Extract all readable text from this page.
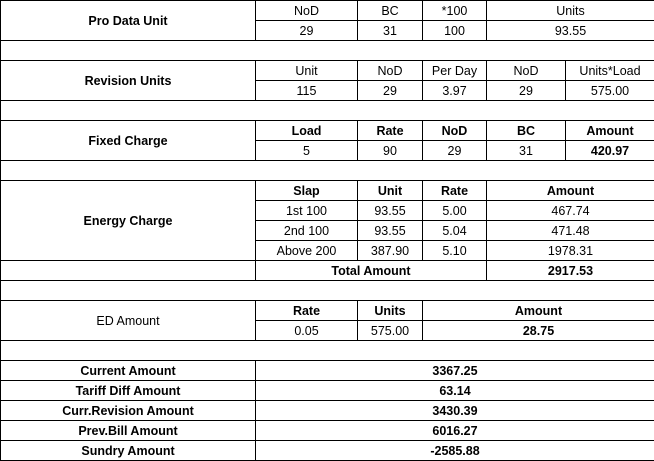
Pro Data Unit	NoD	BC	*100	Units	
	29	31	100	93.55	

Revision Units	Unit	NoD	Per Day	NoD	Units*Load
	115	29	3.97	29	575.00

Fixed Charge	Load	Rate	NoD	BC	Amount
	5	90	29	31	420.97

Energy Charge	Slap	Unit	Rate	Amount	
	1st 100	93.55	5.00	467.74	
	2nd 100	93.55	5.04	471.48	
	Above 200	387.90	5.10	1978.31	
	Total Amount			2917.53	

ED Amount	Rate	Units	Amount		
	0.05	575.00	28.75		

Current Amount	3367.25				
Tariff Diff Amount	63.14				
Curr.Revision Amount	3430.39				
Prev.Bill Amount	6016.27				
Sundry Amount	-2585.88				
